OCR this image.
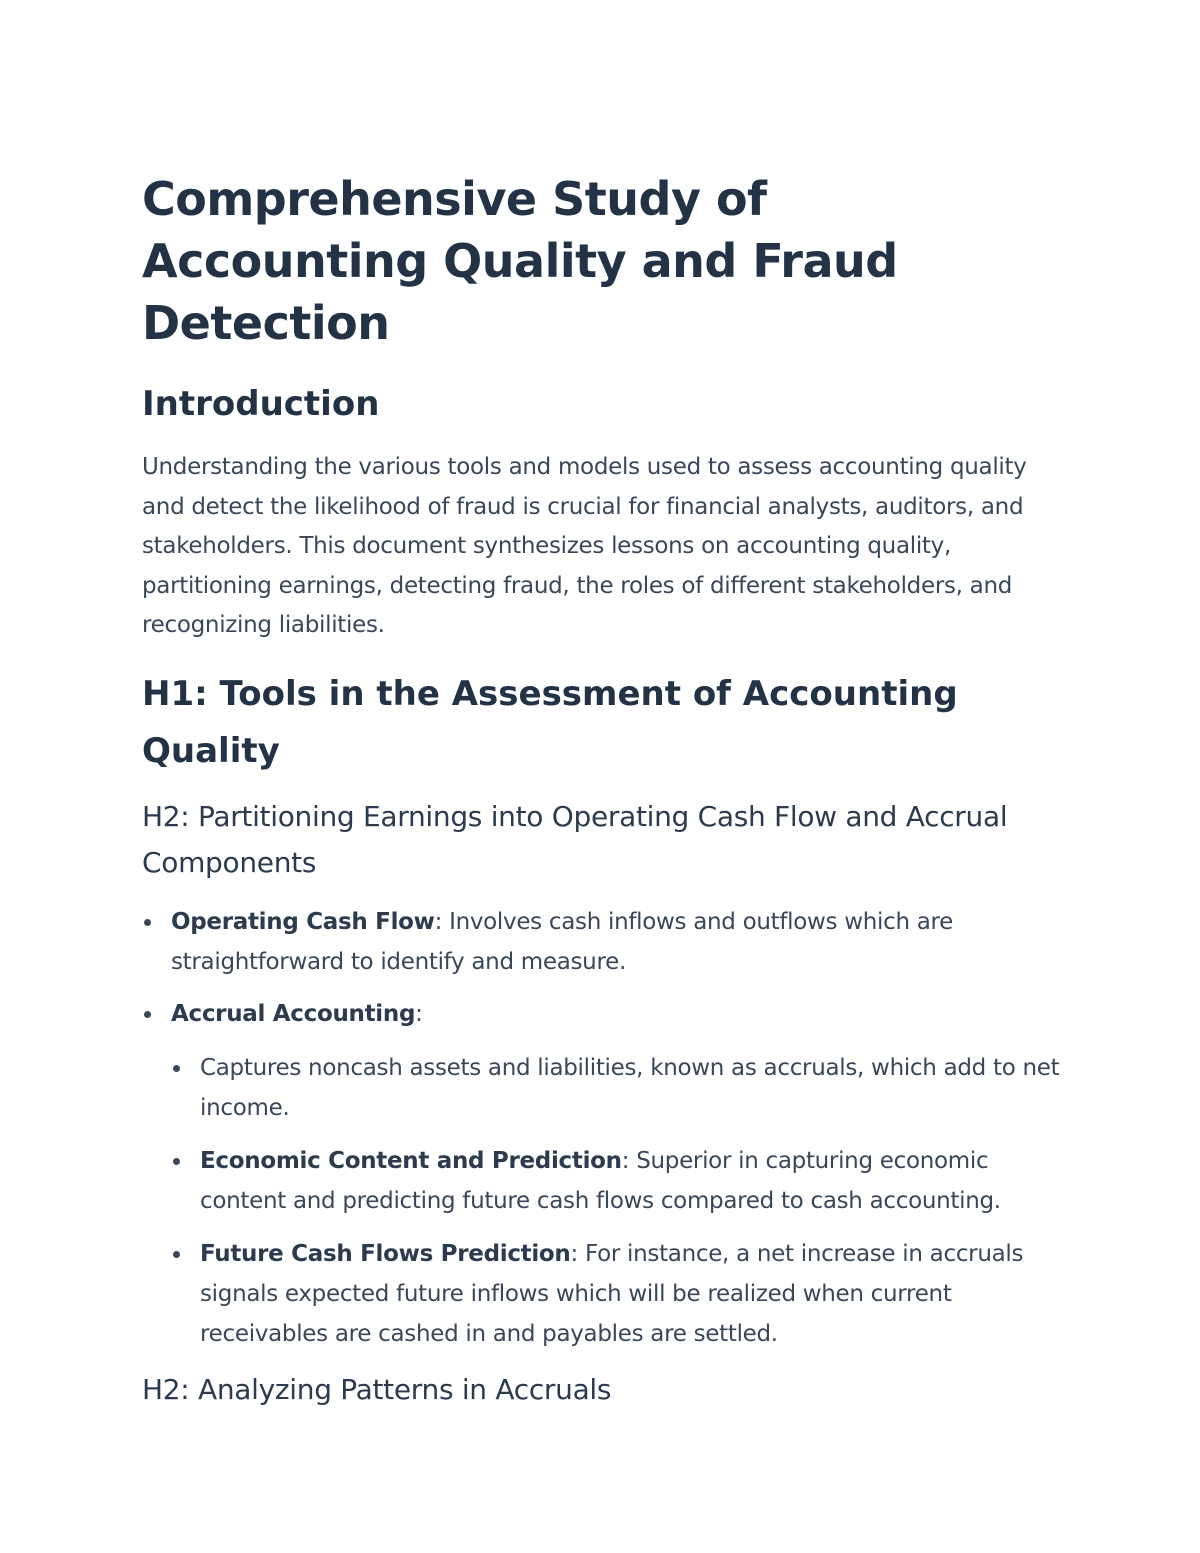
Comprehensive Study of Accounting Quality and Fraud Detection
Introduction

Understanding the various tools and models used to assess accounting quality and detect the likelihood of fraud is crucial for financial analysts, auditors, and stakeholders. This document synthesizes lessons on accounting quality, partitioning earnings, detecting fraud, the roles of different stakeholders, and recognizing liabilities.

H1: Tools in the Assessment of Accounting Quality
H2: Partitioning Earnings into Operating Cash Flow and Accrual Components
Operating Cash Flow: Involves cash inflows and outflows which are straightforward to identify and measure.
Accrual Accounting:
Captures noncash assets and liabilities, known as accruals, which add to net income.
Economic Content and Prediction: Superior in capturing economic content and predicting future cash flows compared to cash accounting.
Future Cash Flows Prediction: For instance, a net increase in accruals signals expected future inflows which will be realized when current receivables are cashed in and payables are settled.
H2: Analyzing Patterns in Accruals
